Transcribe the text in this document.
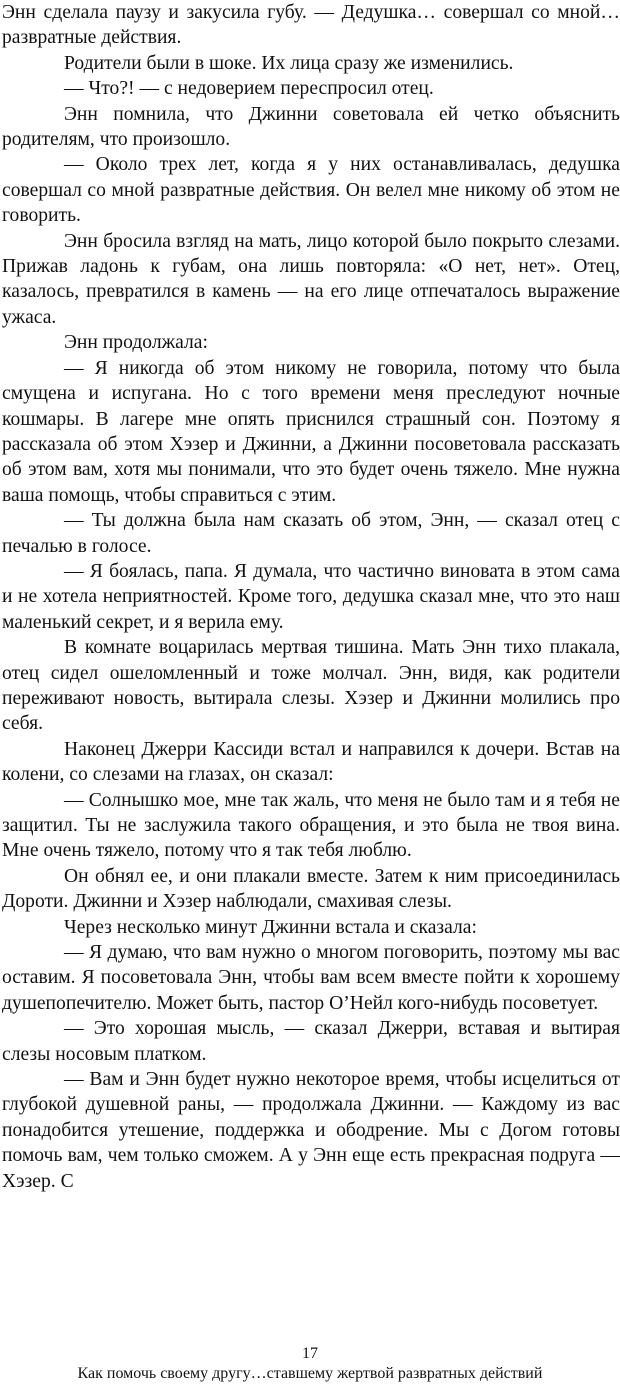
Энн сделала паузу и закусила губу. — Дедушка… совершал со мной… развратные действия.

Родители были в шоке. Их лица сразу же изменились.

— Что?! — с недоверием переспросил отец.

Энн помнила, что Джинни советовала ей четко объяснить родителям, что произошло.

— Около трех лет, когда я у них останавливалась, дедушка совершал со мной развратные действия. Он велел мне никому об этом не говорить.

Энн бросила взгляд на мать, лицо которой было покрыто слезами. Прижав ладонь к губам, она лишь повторяла: «О нет, нет». Отец, казалось, превратился в камень — на его лице отпечаталось выражение ужаса.

Энн продолжала:

— Я никогда об этом никому не говорила, потому что была смущена и испугана. Но с того времени меня преследуют ночные кошмары. В лагере мне опять приснился страшный сон. Поэтому я рассказала об этом Хэзер и Джинни, а Джинни посоветовала рассказать об этом вам, хотя мы понимали, что это будет очень тяжело. Мне нужна ваша помощь, чтобы справиться с этим.

— Ты должна была нам сказать об этом, Энн, — сказал отец с печалью в голосе.

— Я боялась, папа. Я думала, что частично виновата в этом сама и не хотела неприятностей. Кроме того, дедушка сказал мне, что это наш маленький секрет, и я верила ему.

В комнате воцарилась мертвая тишина. Мать Энн тихо плакала, отец сидел ошеломленный и тоже молчал. Энн, видя, как родители переживают новость, вытирала слезы. Хэзер и Джинни молились про себя.

Наконец Джерри Кассиди встал и направился к дочери. Встав на колени, со слезами на глазах, он сказал:

— Солнышко мое, мне так жаль, что меня не было там и я тебя не защитил. Ты не заслужила такого обращения, и это была не твоя вина. Мне очень тяжело, потому что я так тебя люблю.

Он обнял ее, и они плакали вместе. Затем к ним присоединилась Дороти. Джинни и Хэзер наблюдали, смахивая слезы.

Через несколько минут Джинни встала и сказала:

— Я думаю, что вам нужно о многом поговорить, поэтому мы вас оставим. Я посоветовала Энн, чтобы вам всем вместе пойти к хорошему душепопечителю. Может быть, пастор О’Нейл кого-нибудь посоветует.

— Это хорошая мысль, — сказал Джерри, вставая и вытирая слезы носовым платком.

— Вам и Энн будет нужно некоторое время, чтобы исцелиться от глубокой душевной раны, — продолжала Джинни. — Каждому из вас понадобится утешение, поддержка и ободрение. Мы с Догом готовы помочь вам, чем только сможем. А у Энн еще есть прекрасная подруга — Хэзер. С

17
Как помочь своему другу…ставшему жертвой развратных действий
